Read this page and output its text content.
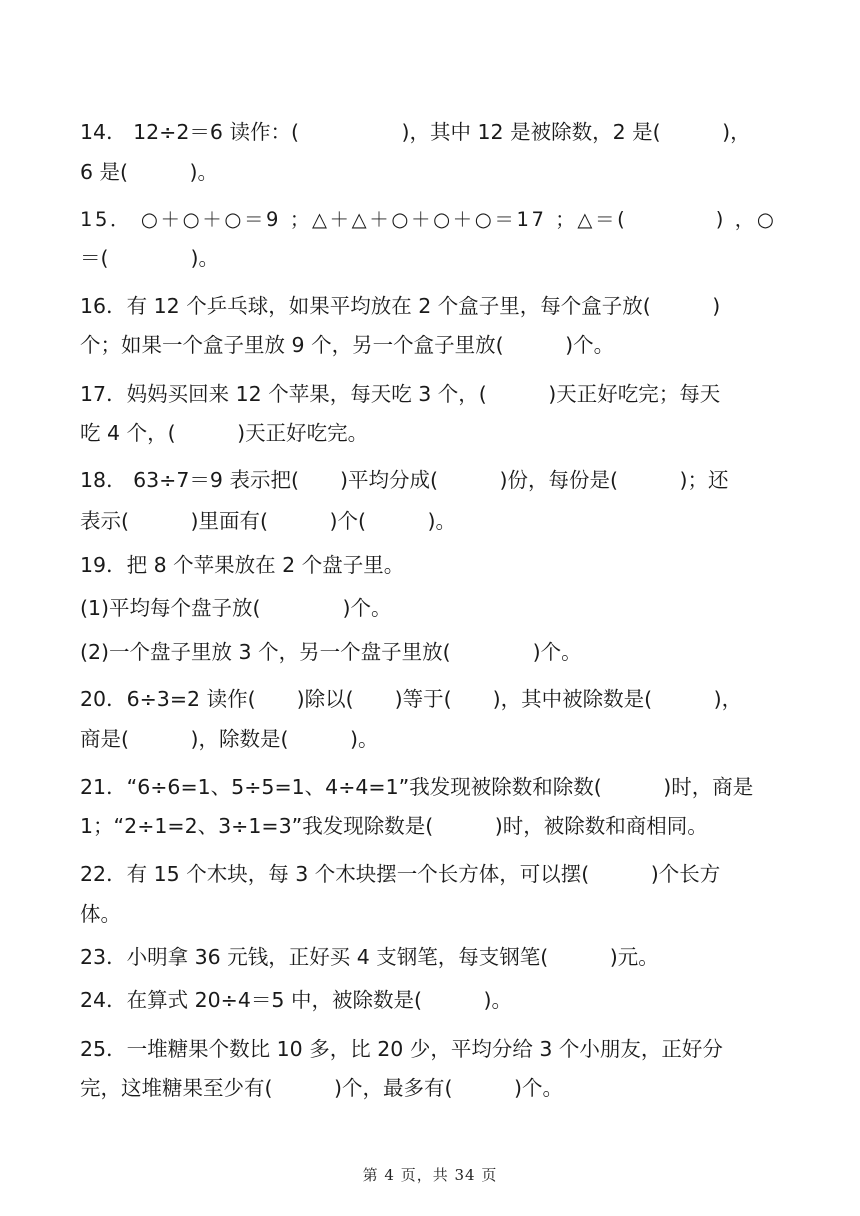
14． 12÷2＝6 读作：(　　　　　)，其中 12 是被除数，2 是(　　　)，
6 是(　　　)。
15． ○＋○＋○＝9 ；△＋△＋○＋○＋○＝17 ；△＝(　　　　) ，○
＝(　　　　)。
16．有 12 个乒乓球，如果平均放在 2 个盒子里，每个盒子放(　　　)
个；如果一个盒子里放 9 个，另一个盒子里放(　　　)个。
17．妈妈买回来 12 个苹果，每天吃 3 个，(　　　)天正好吃完；每天
吃 4 个，(　　　)天正好吃完。
18． 63÷7＝9 表示把(　　)平均分成(　　　)份，每份是(　　　)；还
表示(　　　)里面有(　　　)个(　　　)。
19．把 8 个苹果放在 2 个盘子里。
(1)平均每个盘子放(　　　　)个。
(2)一个盘子里放 3 个，另一个盘子里放(　　　　)个。
20．6÷3=2 读作(　　)除以(　　)等于(　　)，其中被除数是(　　　)，
商是(　　　)，除数是(　　　)。
21．“6÷6=1、5÷5=1、4÷4=1”我发现被除数和除数(　　　)时，商是
1；“2÷1=2、3÷1=3”我发现除数是(　　　)时，被除数和商相同。
22．有 15 个木块，每 3 个木块摆一个长方体，可以摆(　　　)个长方
体。
23．小明拿 36 元钱，正好买 4 支钢笔，每支钢笔(　　　)元。
24．在算式 20÷4＝5 中，被除数是(　　　)。
25．一堆糖果个数比 10 多，比 20 少，平均分给 3 个小朋友，正好分
完，这堆糖果至少有(　　　)个，最多有(　　　)个。
第 4 页，共 34 页
